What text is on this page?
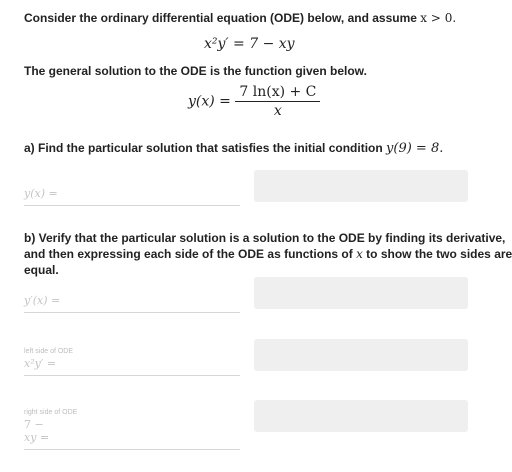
Consider the ordinary differential equation (ODE) below, and assume x > 0.
x²y′ = 7 − xy
The general solution to the ODE is the function given below.
$y(x) = \frac{7 \ln(x) + C}{x}$
a) Find the particular solution that satisfies the initial condition y(9) = 8.
y(x) =
b) Verify that the particular solution is a solution to the ODE by finding its derivative,
and then expressing each side of the ODE as functions of x to show the two sides are
equal.
y′(x) =
left side of ODE
x²y′ =
right side of ODE
7 −
xy =
